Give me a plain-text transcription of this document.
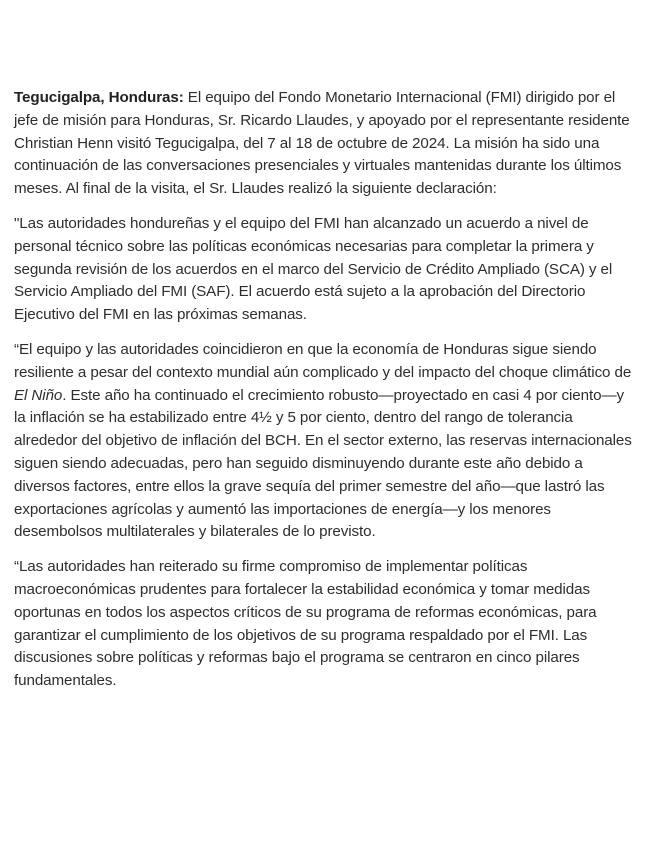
Tegucigalpa, Honduras: El equipo del Fondo Monetario Internacional (FMI) dirigido por el jefe de misión para Honduras, Sr. Ricardo Llaudes, y apoyado por el representante residente Christian Henn visitó Tegucigalpa, del 7 al 18 de octubre de 2024. La misión ha sido una continuación de las conversaciones presenciales y virtuales mantenidas durante los últimos meses. Al final de la visita, el Sr. Llaudes realizó la siguiente declaración:

"Las autoridades hondureñas y el equipo del FMI han alcanzado un acuerdo a nivel de personal técnico sobre las políticas económicas necesarias para completar la primera y segunda revisión de los acuerdos en el marco del Servicio de Crédito Ampliado (SCA) y el Servicio Ampliado del FMI (SAF). El acuerdo está sujeto a la aprobación del Directorio Ejecutivo del FMI en las próximas semanas.

“El equipo y las autoridades coincidieron en que la economía de Honduras sigue siendo resiliente a pesar del contexto mundial aún complicado y del impacto del choque climático de El Niño. Este año ha continuado el crecimiento robusto—proyectado en casi 4 por ciento—y la inflación se ha estabilizado entre 4½ y 5 por ciento, dentro del rango de tolerancia alrededor del objetivo de inflación del BCH. En el sector externo, las reservas internacionales siguen siendo adecuadas, pero han seguido disminuyendo durante este año debido a diversos factores, entre ellos la grave sequía del primer semestre del año—que lastró las exportaciones agrícolas y aumentó las importaciones de energía—y los menores desembolsos multilaterales y bilaterales de lo previsto.

“Las autoridades han reiterado su firme compromiso de implementar políticas macroeconómicas prudentes para fortalecer la estabilidad económica y tomar medidas oportunas en todos los aspectos críticos de su programa de reformas económicas, para garantizar el cumplimiento de los objetivos de su programa respaldado por el FMI. Las discusiones sobre políticas y reformas bajo el programa se centraron en cinco pilares fundamentales.
